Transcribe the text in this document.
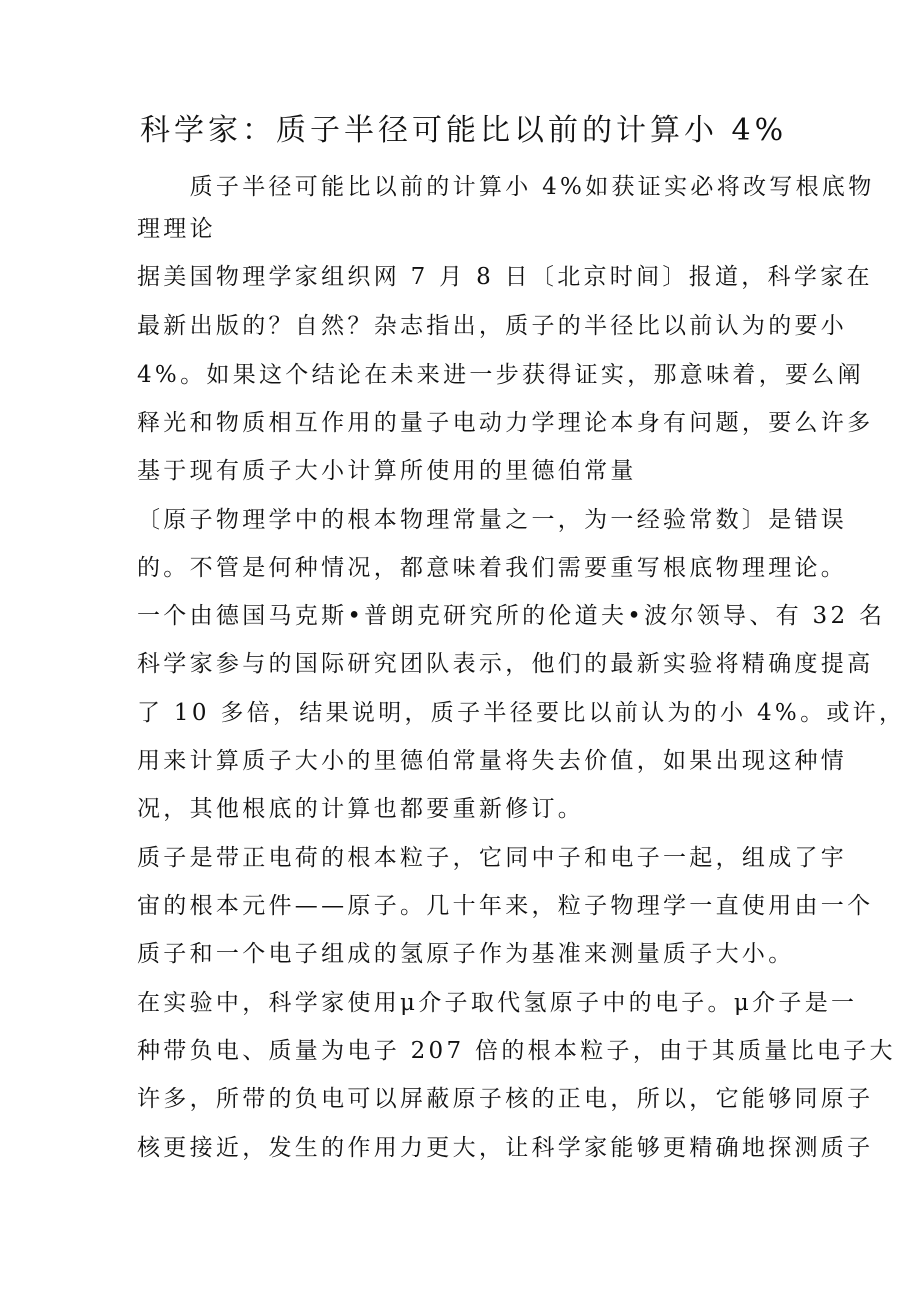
科学家：质子半径可能比以前的计算小 4%
　　质子半径可能比以前的计算小 4%如获证实必将改写根底物
理理论
据美国物理学家组织网 7 月 8 日〔北京时间〕报道，科学家在
最新出版的？自然？杂志指出，质子的半径比以前认为的要小
4%。如果这个结论在未来进一步获得证实，那意味着，要么阐
释光和物质相互作用的量子电动力学理论本身有问题，要么许多
基于现有质子大小计算所使用的里德伯常量
〔原子物理学中的根本物理常量之一，为一经验常数〕是错误
的。不管是何种情况，都意味着我们需要重写根底物理理论。
一个由德国马克斯•普朗克研究所的伦道夫•波尔领导、有 32 名
科学家参与的国际研究团队表示，他们的最新实验将精确度提高
了 10 多倍，结果说明，质子半径要比以前认为的小 4%。或许，
用来计算质子大小的里德伯常量将失去价值，如果出现这种情
况，其他根底的计算也都要重新修订。
质子是带正电荷的根本粒子，它同中子和电子一起，组成了宇
宙的根本元件——原子。几十年来，粒子物理学一直使用由一个
质子和一个电子组成的氢原子作为基准来测量质子大小。
在实验中，科学家使用μ介子取代氢原子中的电子。μ介子是一
种带负电、质量为电子 207 倍的根本粒子，由于其质量比电子大
许多，所带的负电可以屏蔽原子核的正电，所以，它能够同原子
核更接近，发生的作用力更大，让科学家能够更精确地探测质子
